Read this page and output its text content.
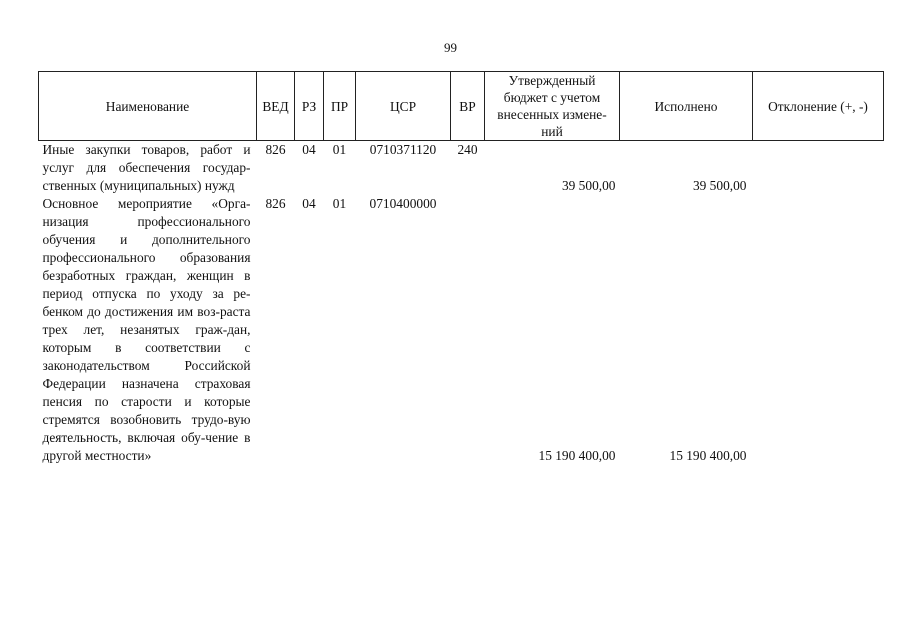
99
Наименование	ВЕД	РЗ	ПР	ЦСР	ВР	Утвержденный бюджет с учетом внесенных измене-ний	Исполнено	Отклонение (+, -)
Иные закупки товаров, работ и услуг для обеспечения государ-ственных (муниципальных) нужд	826	04	01	0710371120	240	39 500,00	39 500,00	
Основное мероприятие «Орга-низация профессионального обучения и дополнительного профессионального образования безработных граждан, женщин в период отпуска по уходу за ре-бенком до достижения им воз-раста трех лет, незанятых граж-дан, которым в соответствии с законодательством Российской Федерации назначена страховая пенсия по старости и которые стремятся возобновить трудо-вую деятельность, включая обу-чение в другой местности»	826	04	01	0710400000		15 190 400,00	15 190 400,00	
